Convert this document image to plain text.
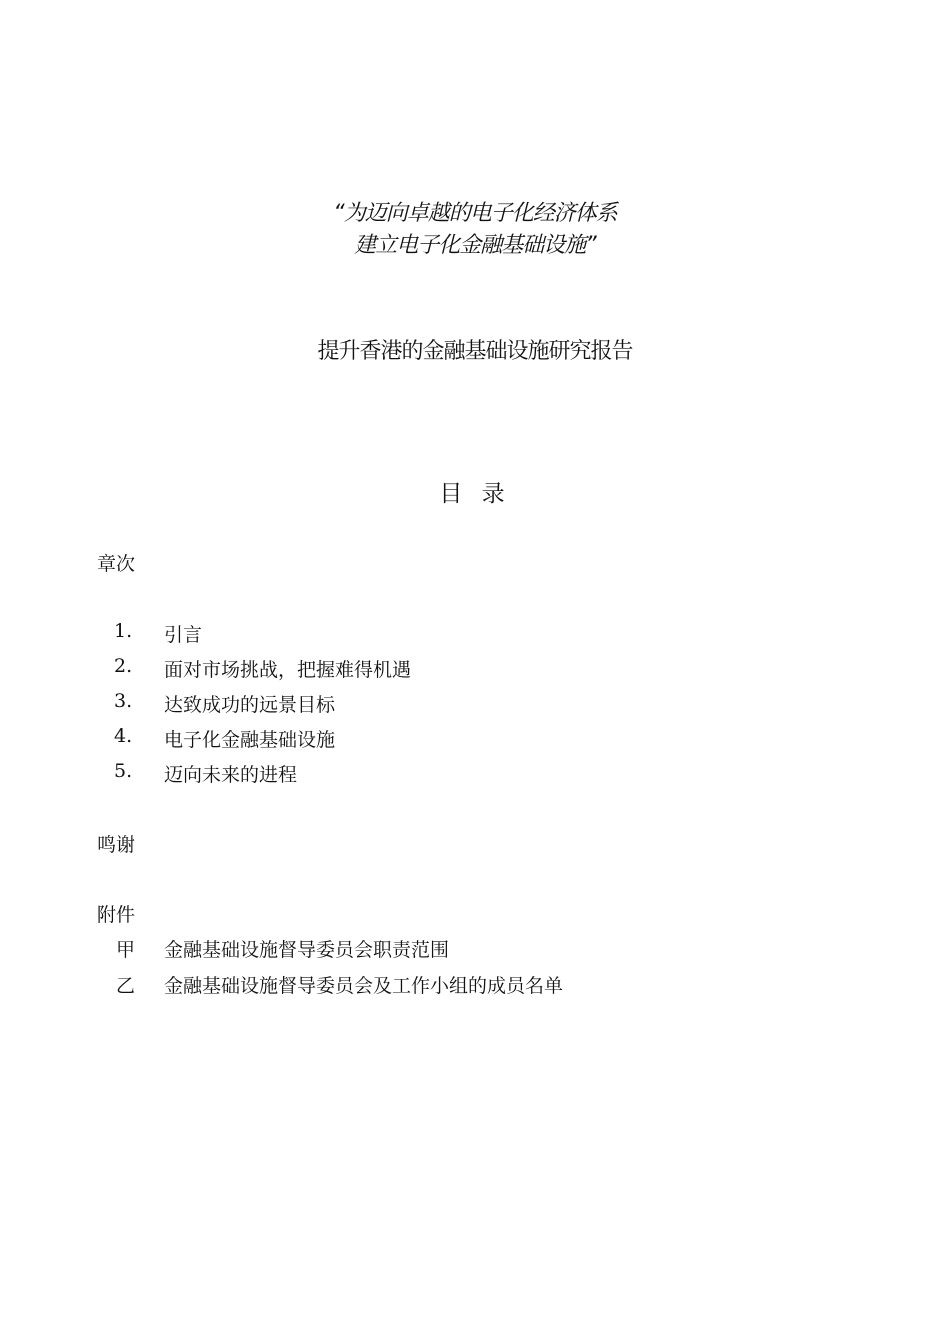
“为迈向卓越的电子化经济体系
建立电子化金融基础设施”
提升香港的金融基础设施研究报告
目 录
章次
1. 引言
2. 面对市场挑战，把握难得机遇
3. 达致成功的远景目标
4. 电子化金融基础设施
5. 迈向未来的进程
鸣谢
附件
甲 金融基础设施督导委员会职责范围
乙 金融基础设施督导委员会及工作小组的成员名单
